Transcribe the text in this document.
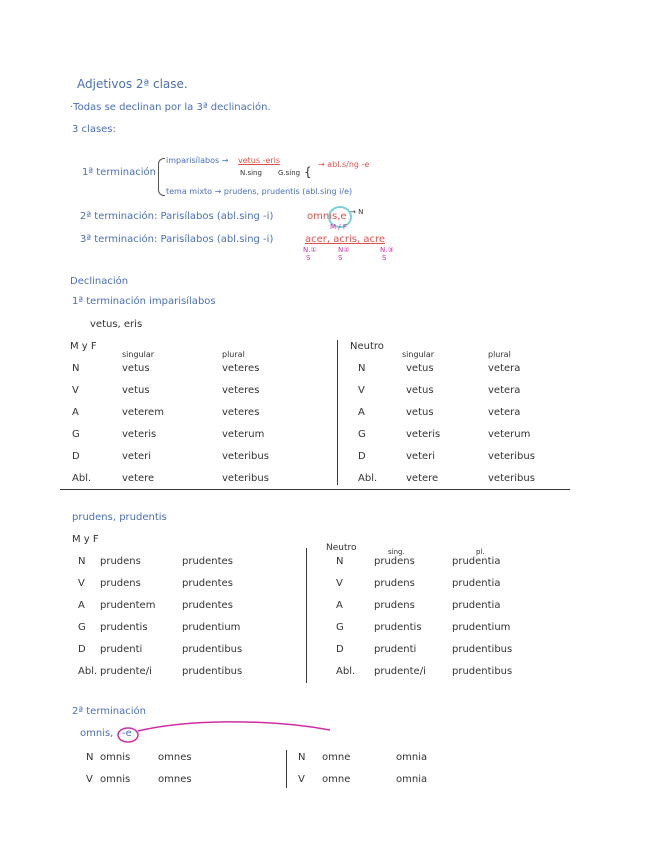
Adjetivos 2ª clase.
·Todas se declinan por la 3ª declinación.
3 clases:
1ª terminación
imparisílabos → vetus -eris
N.sing G.sing {
→ abl.s/ng -e
tema mixto → prudens, prudentis (abl.sing i/e)
2ª terminación: Parisílabos (abl.sing -i)	omnis,e → N
M / F
3ª terminación: Parisílabos (abl.sing -i)	acer, acris, acre
N.①
S
N②
S
N.③
S
Declinación
1ª terminación imparisílabos
vetus, eris
M y F
singular	plural
Neutro
singular	plural
N	vetus	veteres
V	vetus	veteres
A	veterem	veteres
G	veteris	veterum
D	veteri	veteribus
Abl.	vetere	veteribus
N	vetus	vetera
V	vetus	vetera
A	vetus	vetera
G	veteris	veterum
D	veteri	veteribus
Abl.	vetere	veteribus
prudens, prudentis
M y F
Neutro	sing.	pl.
N prudens	prudentes
V prudens	prudentes
A prudentem	prudentes
G prudentis	prudentium
D prudenti	prudentibus
Abl. prudente/i	prudentibus
N	prudens	prudentia
V	prudens	prudentia
A	prudens	prudentia
G	prudentis	prudentium
D	prudenti	prudentibus
Abl. prudente/i	prudentibus
2ª terminación
omnis, -e
N omnis	omnes
V omnis	omnes
N omne	omnia
V omne	omnia
